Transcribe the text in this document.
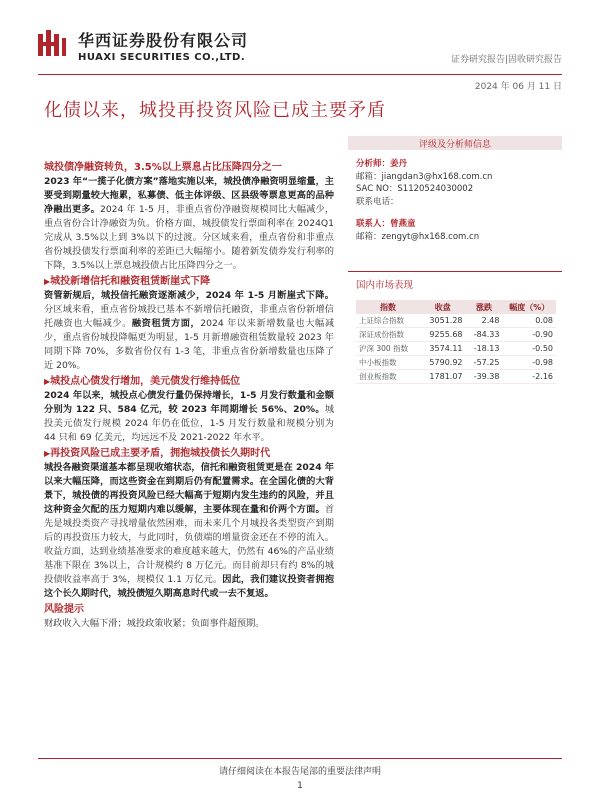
华西证券股份有限公司
HUAXI SECURITIES CO.,LTD.	证券研究报告|固收研究报告
2024 年 06 月 11 日
化债以来，城投再投资风险已成主要矛盾
城投债净融资转负，3.5%以上票息占比压降四分之一

2023 年“一揽子化债方案”落地实施以来，城投债净融资明显缩量，主要受到期量较大拖累，私募债、低主体评级、区县级等票息更高的品种净融出更多。2024 年 1-5 月，非重点省份净融资规模同比大幅减少，重点省份合计净融资为负。价格方面，城投债发行票面利率在 2024Q1 完成从 3.5%以上到 3%以下的过渡。分区域来看，重点省份和非重点省份城投债发行票面利率的差距已大幅缩小。随着新发债券发行利率的下降，3.5%以上票息城投债占比压降四分之一。

▶城投新增信托和融资租赁断崖式下降

资管新规后，城投信托融资逐渐减少，2024 年 1-5 月断崖式下降。分区域来看，重点省份城投已基本不新增信托融资，非重点省份新增信托融资也大幅减少。融资租赁方面，2024 年以来新增数量也大幅减少，重点省份城投降幅更为明显，1-5 月新增融资租赁数量较 2023 年同期下降 70%，多数省份仅有 1-3 笔，非重点省份新增数量也压降了近 20%。

▶城投点心债发行增加，美元债发行维持低位

2024 年以来，城投点心债发行量仍保持增长，1-5 月发行数量和金额分别为 122 只、584 亿元，较 2023 年同期增长 56%、20%。城投美元债发行规模 2024 年仍在低位，1-5 月发行数量和规模分别为 44 只和 69 亿美元，均远远不及 2021-2022 年水平。

▶再投资风险已成主要矛盾，拥抱城投债长久期时代

城投各融资渠道基本都呈现收缩状态，信托和融资租赁更是在 2024 年以来大幅压降，而这些资金在到期后仍有配置需求。在全国化债的大背景下，城投债的再投资风险已经大幅高于短期内发生违约的风险，并且这种资金欠配的压力短期内难以缓解，主要体现在量和价两个方面。首先是城投类资产寻找增量依然困难，而未来几个月城投各类型资产到期后的再投资压力较大，与此同时，负债端的增量资金还在不停的流入。收益方面，达到业绩基准要求的难度越来越大，仍然有 46%的产品业绩基准下限在 3%以上，合计规模约 8 万亿元。而目前却只有约 8%的城投债收益率高于 3%，规模仅 1.1 万亿元。因此，我们建议投资者拥抱这个长久期时代，城投债短久期高息时代或一去不复返。

风险提示
财政收入大幅下滑；城投政策收紧；负面事件超预期。
评级及分析师信息
分析师：姜丹
邮箱：jiangdan3@hx168.com.cn
SAC NO：S1120524030002
联系电话：
联系人：曾燕童
邮箱：zengyt@hx168.com.cn
国内市场表现
指数	收盘	涨跌	幅度（%）
上证综合指数	3051.28	2.48	0.08
深证成份指数	9255.68	-84.33	-0.90
沪深 300 指数	3574.11	-18.13	-0.50
中小板指数	5790.92	-57.25	-0.98
创业板指数	1781.07	-39.38	-2.16
请仔细阅读在本报告尾部的重要法律声明
1
